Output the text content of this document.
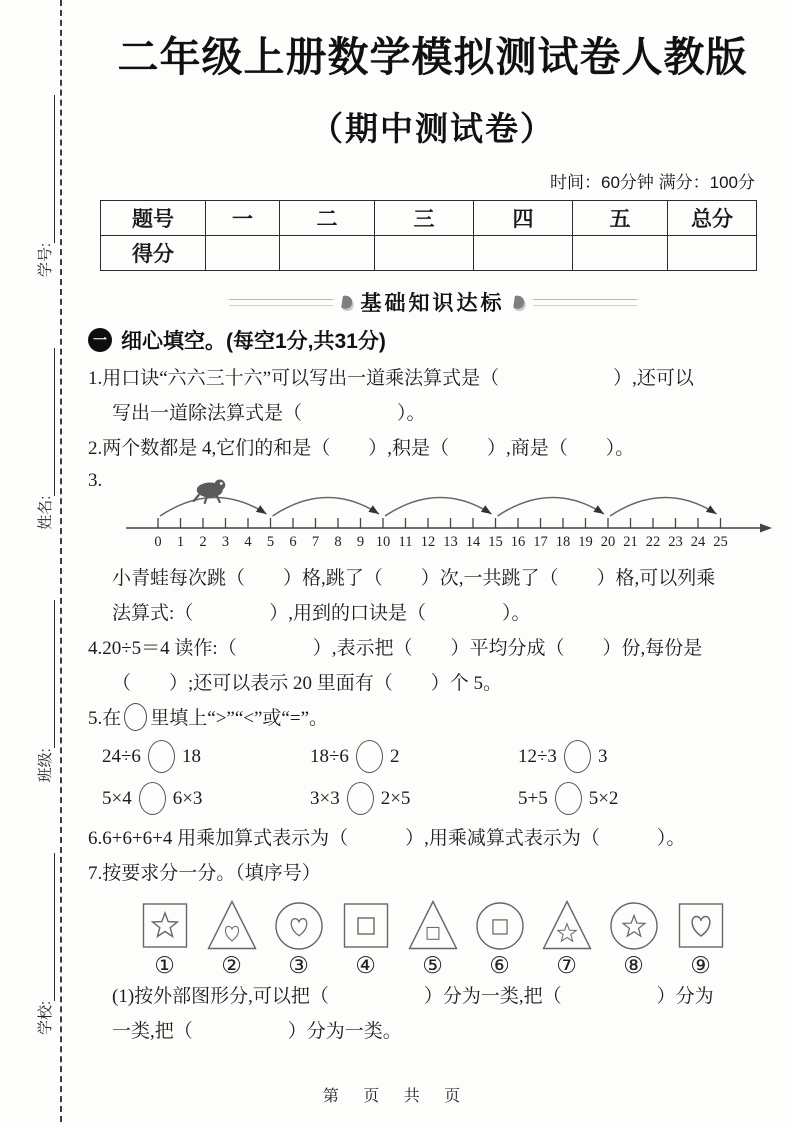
学校:
班级:
姓名:
学号:
二年级上册数学模拟测试卷人教版
（期中测试卷）
时间：60分钟 满分：100分
题号	一	二	三	四	五	总分
得分						
基础知识达标
一 细心填空。(每空1分,共31分)
1.用口诀“六六三十六”可以写出一道乘法算式是（　　　　　　）,还可以
写出一道除法算式是（　　　　　）。
2.两个数都是 4,它们的和是（　　）,积是（　　）,商是（　　）。
3.
0 1 2 3 4 5 6 7 8 9 10 11 12 13 14 15 16 17 18 19 20 21 22 23 24 25
小青蛙每次跳（　　）格,跳了（　　）次,一共跳了（　　）格,可以列乘
法算式:（　　　　）,用到的口诀是（　　　　）。
4.20÷5＝4 读作:（　　　　）,表示把（　　）平均分成（　　）份,每份是
（　　）;还可以表示 20 里面有（　　）个 5。
5.在 里填上“>”“<”或“=”。
24÷6 18	18÷6 2	12÷3 3
5×4 6×3	3×3 2×5	5+5 5×2
6.6+6+6+4 用乘加算式表示为（　　　）,用乘减算式表示为（　　　）。
7.按要求分一分。（填序号）
① ② ③ ④ ⑤ ⑥ ⑦ ⑧ ⑨
(1)按外部图形分,可以把（　　　　　）分为一类,把（　　　　　）分为
一类,把（　　　　　）分为一类。
第 页 共 页
